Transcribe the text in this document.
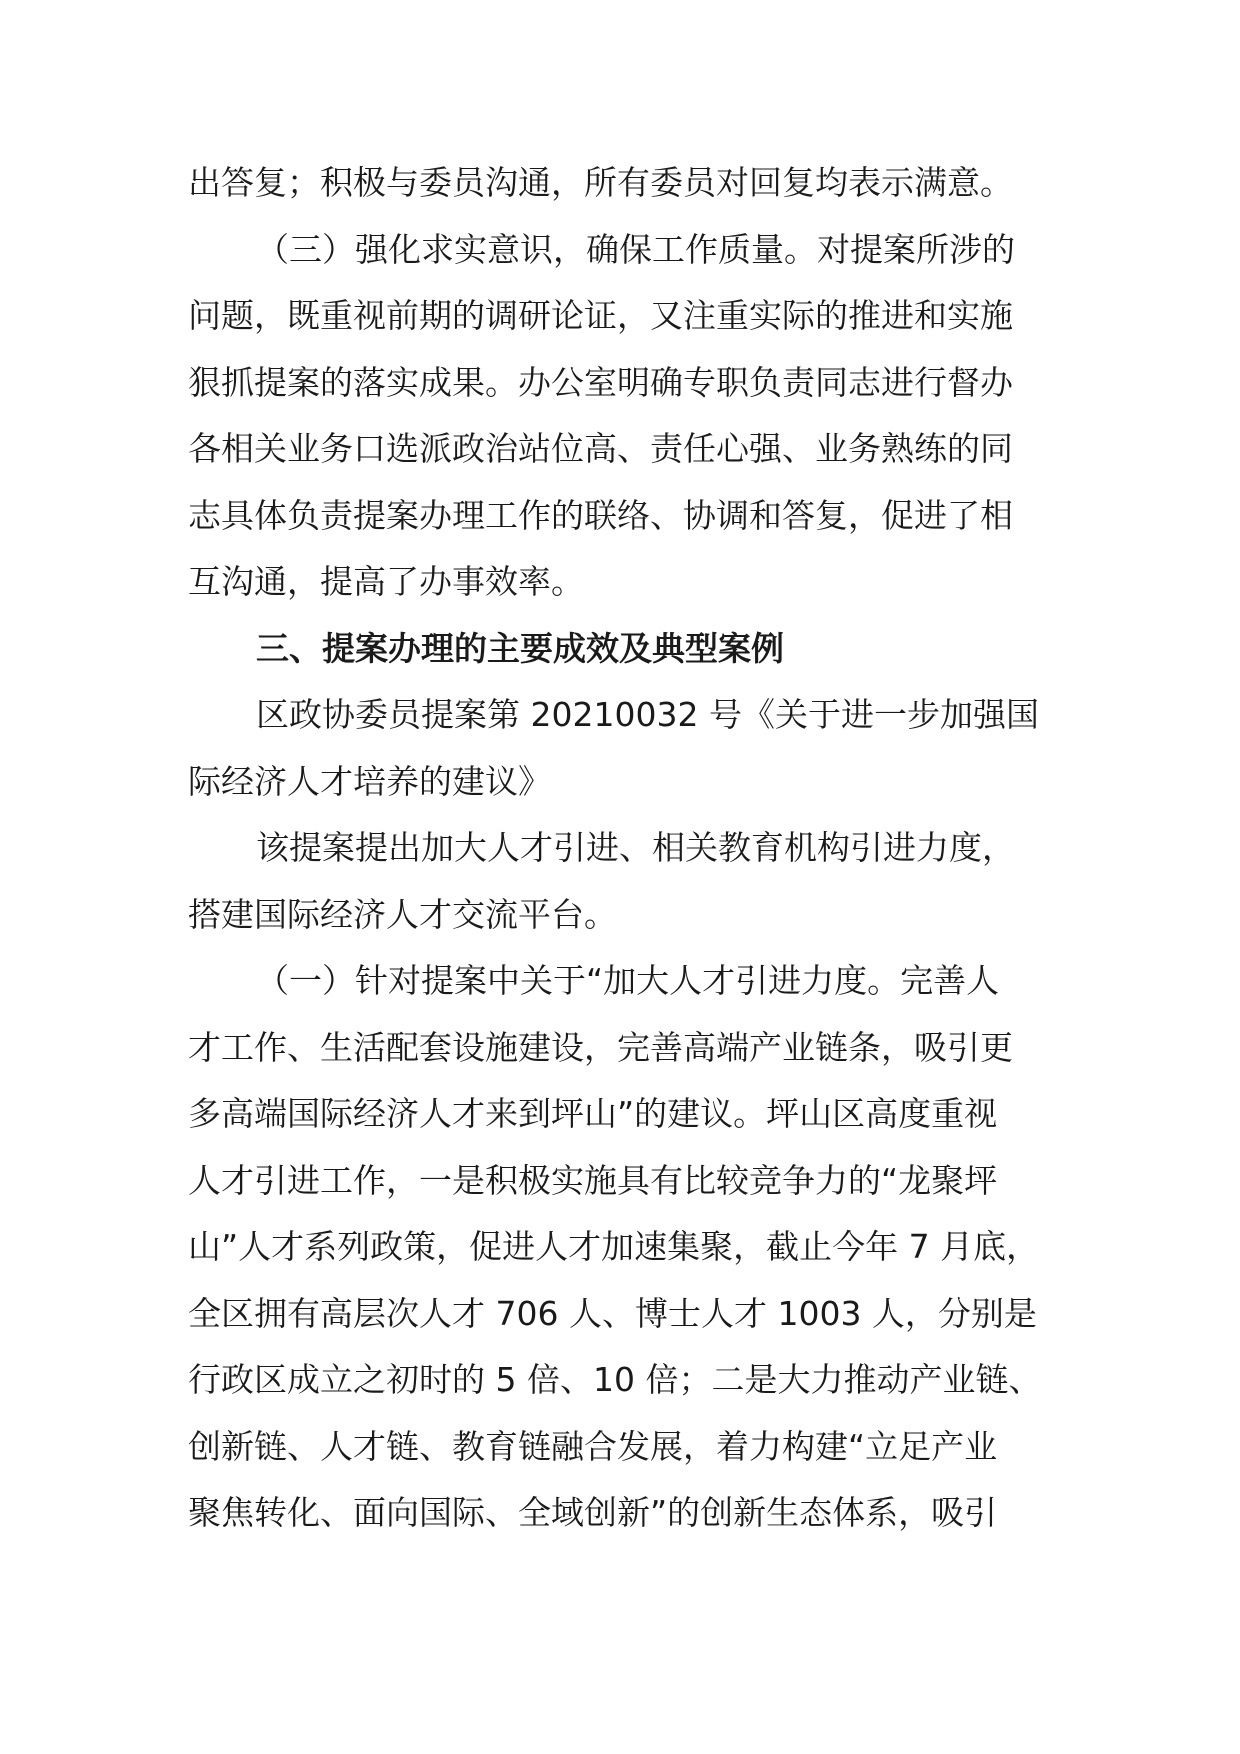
出答复；积极与委员沟通，所有委员对回复均表示满意。
（三）强化求实意识，确保工作质量。对提案所涉的
问题，既重视前期的调研论证，又注重实际的推进和实施
狠抓提案的落实成果。办公室明确专职负责同志进行督办
各相关业务口选派政治站位高、责任心强、业务熟练的同
志具体负责提案办理工作的联络、协调和答复，促进了相
互沟通，提高了办事效率。
三、提案办理的主要成效及典型案例
区政协委员提案第 20210032 号《关于进一步加强国
际经济人才培养的建议》
该提案提出加大人才引进、相关教育机构引进力度，
搭建国际经济人才交流平台。
（一）针对提案中关于“加大人才引进力度。完善人
才工作、生活配套设施建设，完善高端产业链条，吸引更
多高端国际经济人才来到坪山”的建议。坪山区高度重视
人才引进工作，一是积极实施具有比较竞争力的“龙聚坪
山”人才系列政策，促进人才加速集聚，截止今年 7 月底，
全区拥有高层次人才 706 人、博士人才 1003 人，分别是
行政区成立之初时的 5 倍、10 倍；二是大力推动产业链、
创新链、人才链、教育链融合发展，着力构建“立足产业
聚焦转化、面向国际、全域创新”的创新生态体系，吸引
